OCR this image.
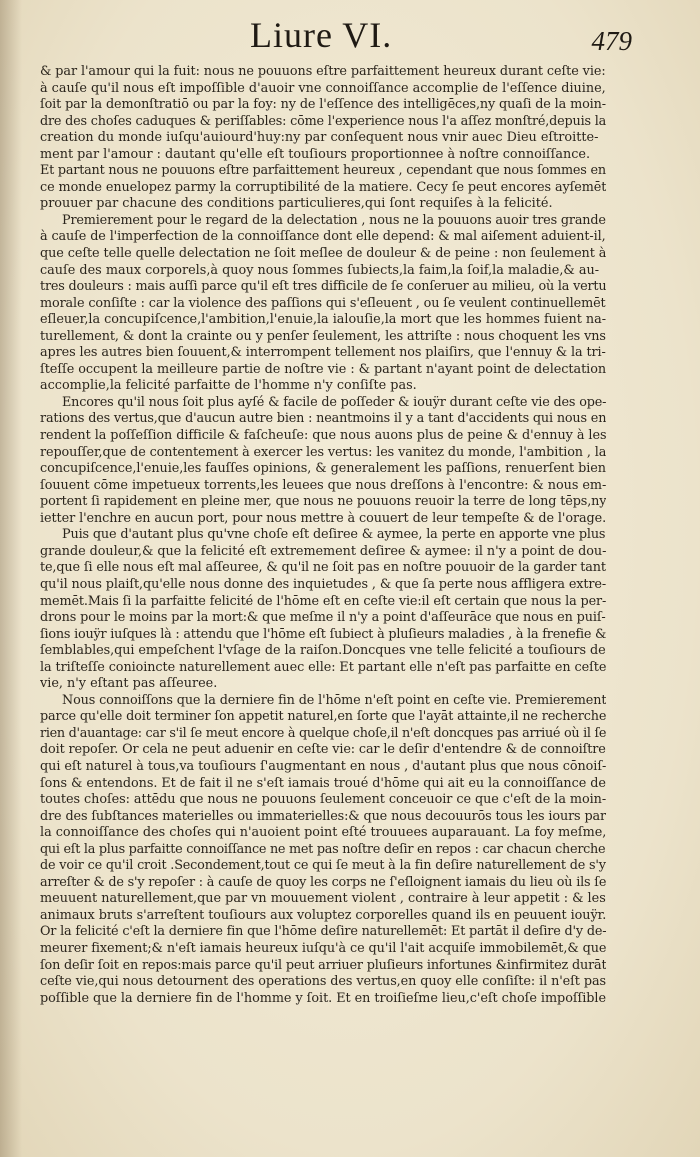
Liure VI.	479
& par l'amour qui la fuit: nous ne pouuons eſtre parfaittement heureux durant ceſte vie:
à cauſe qu'il nous eſt impoſſible d'auoir vne connoiſſance accomplie de l'eſſence diuine,
ſoit par la demonſtratiō ou par la foy: ny de l'eſſence des intelligēces,ny quaſi de la moin-
dre des choſes caduques & periſſables: cōme l'experience nous l'a aſſez monſtré,depuis la
creation du monde iuſqu'auiourd'huy:ny par conſequent nous vnir auec Dieu eſtroitte-
ment par l'amour : dautant qu'elle eſt touſiours proportionnee à noſtre connoiſſance.
Et partant nous ne pouuons eſtre parfaittement heureux , cependant que nous ſommes en
ce monde enuelopez parmy la corruptibilité de la matiere. Cecy ſe peut encores ayſemēt
prouuer par chacune des conditions particulieres,qui ſont requiſes à la felicité.
Premierement pour le regard de la delectation , nous ne la pouuons auoir tres grande
à cauſe de l'imperfection de la connoiſſance dont elle depend: & mal aiſement aduient-il,
que ceſte telle quelle delectation ne ſoit meſlee de douleur & de peine : non ſeulement à
cauſe des maux corporels,à quoy nous ſommes ſubiects,la faim,la ſoif,la maladie,& au-
tres douleurs : mais auſſi parce qu'il eſt tres difficile de ſe conſeruer au milieu, où la vertu
morale conſiſte : car la violence des paſſions qui s'eſleuent , ou ſe veulent continuellemēt
eſleuer,la concupiſcence,l'ambition,l'enuie,la ialouſie,la mort que les hommes fuient na-
turellement, & dont la crainte ou y penſer ſeulement, les attriſte : nous choquent les vns
apres les autres bien ſouuent,& interrompent tellement nos plaiſirs, que l'ennuy & la tri-
ſteſſe occupent la meilleure partie de noſtre vie : & partant n'ayant point de delectation
accomplie,la felicité parfaitte de l'homme n'y conſiſte pas.
Encores qu'il nous ſoit plus ayſé & facile de poſſeder & iouÿr durant ceſte vie des ope-
rations des vertus,que d'aucun autre bien : neantmoins il y a tant d'accidents qui nous en
rendent la poſſeſſion difficile & faſcheuſe: que nous auons plus de peine & d'ennuy à les
repouſſer,que de contentement à exercer les vertus: les vanitez du monde, l'ambition , la
concupiſcence,l'enuie,les fauſſes opinions, & generalement les paſſions, renuerſent bien
ſouuent cōme impetueux torrents,les leuees que nous dreſſons à l'encontre: & nous em-
portent ſi rapidement en pleine mer, que nous ne pouuons reuoir la terre de long tēps,ny
ietter l'enchre en aucun port, pour nous mettre à couuert de leur tempeſte & de l'orage.
Puis que d'autant plus qu'vne choſe eſt deſiree & aymee, la perte en apporte vne plus
grande douleur,& que la felicité eſt extremement deſiree & aymee: il n'y a point de dou-
te,que ſi elle nous eſt mal aſſeuree, & qu'il ne ſoit pas en noſtre pouuoir de la garder tant
qu'il nous plaiſt,qu'elle nous donne des inquietudes , & que ſa perte nous affligera extre-
memēt.Mais ſi la parfaitte felicité de l'hōme eſt en ceſte vie:il eſt certain que nous la per-
drons pour le moins par la mort:& que meſme il n'y a point d'aſſeurāce que nous en puiſ-
ſions iouÿr iuſques là : attendu que l'hōme eſt ſubiect à pluſieurs maladies , à la frenefie &
ſemblables,qui empeſchent l'vſage de la raiſon.Doncques vne telle felicité a touſiours de
la triſteſſe conioincte naturellement auec elle: Et partant elle n'eſt pas parfaitte en ceſte
vie, n'y eſtant pas aſſeuree.
Nous connoiſſons que la derniere fin de l'hōme n'eſt point en ceſte vie. Premierement
parce qu'elle doit terminer ſon appetit naturel,en ſorte que l'ayāt attainte,il ne recherche
rien d'auantage: car s'il ſe meut encore à quelque choſe,il n'eſt doncques pas arriué où il ſe
doit repoſer. Or cela ne peut aduenir en ceſte vie: car le deſir d'entendre & de connoiſtre
qui eſt naturel à tous,va touſiours ſ'augmentant en nous , d'autant plus que nous cōnoiſ-
ſons & entendons. Et de fait il ne s'eſt iamais troué d'hōme qui ait eu la connoiſſance de
toutes choſes: attēdu que nous ne pouuons ſeulement conceuoir ce que c'eſt de la moin-
dre des ſubſtances materielles ou immaterielles:& que nous decouurōs tous les iours par
la connoiſſance des choſes qui n'auoient point eſté trouuees auparauant. La foy meſme,
qui eſt la plus parfaitte connoiſſance ne met pas noſtre deſir en repos : car chacun cherche
de voir ce qu'il croit .Secondement,tout ce qui ſe meut à la fin deſire naturellement de s'y
arreſter & de s'y repoſer : à cauſe de quoy les corps ne ſ'eſloignent iamais du lieu où ils ſe
meuuent naturellement,que par vn mouuement violent , contraire à leur appetit : & les
animaux bruts s'arreſtent touſiours aux voluptez corporelles quand ils en peuuent iouÿr.
Or la felicité c'eſt la derniere fin que l'hōme deſire naturellemēt: Et partāt il deſire d'y de-
meurer fixement;& n'eſt iamais heureux iuſqu'à ce qu'il l'ait acquiſe immobilemēt,& que
ſon deſir ſoit en repos:mais parce qu'il peut arriuer pluſieurs infortunes &infirmitez durāt
ceſte vie,qui nous detournent des operations des vertus,en quoy elle conſiſte: il n'eſt pas
poſſible que la derniere fin de l'homme y ſoit. Et en troiſieſme lieu,c'eſt choſe impoſſible
